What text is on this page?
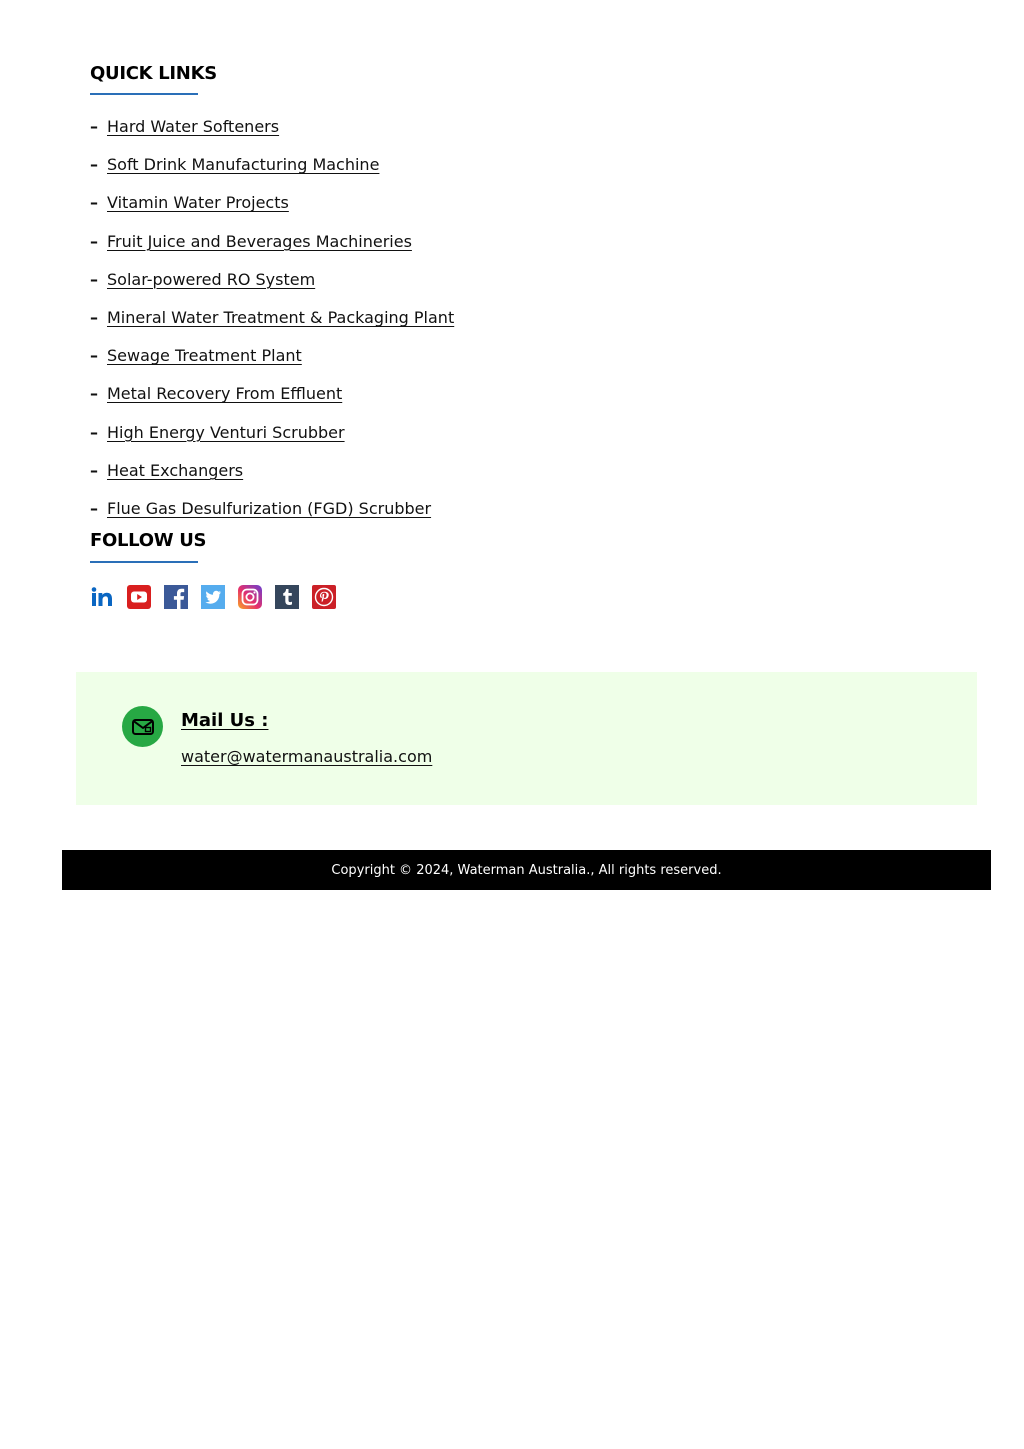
QUICK LINKS
– Hard Water Softeners
– Soft Drink Manufacturing Machine
– Vitamin Water Projects
– Fruit Juice and Beverages Machineries
– Solar-powered RO System
– Mineral Water Treatment & Packaging Plant
– Sewage Treatment Plant
– Metal Recovery From Effluent
– High Energy Venturi Scrubber
– Heat Exchangers
– Flue Gas Desulfurization (FGD) Scrubber
FOLLOW US
Mail Us :
water@watermanaustralia.com
Copyright © 2024, Waterman Australia., All rights reserved.
